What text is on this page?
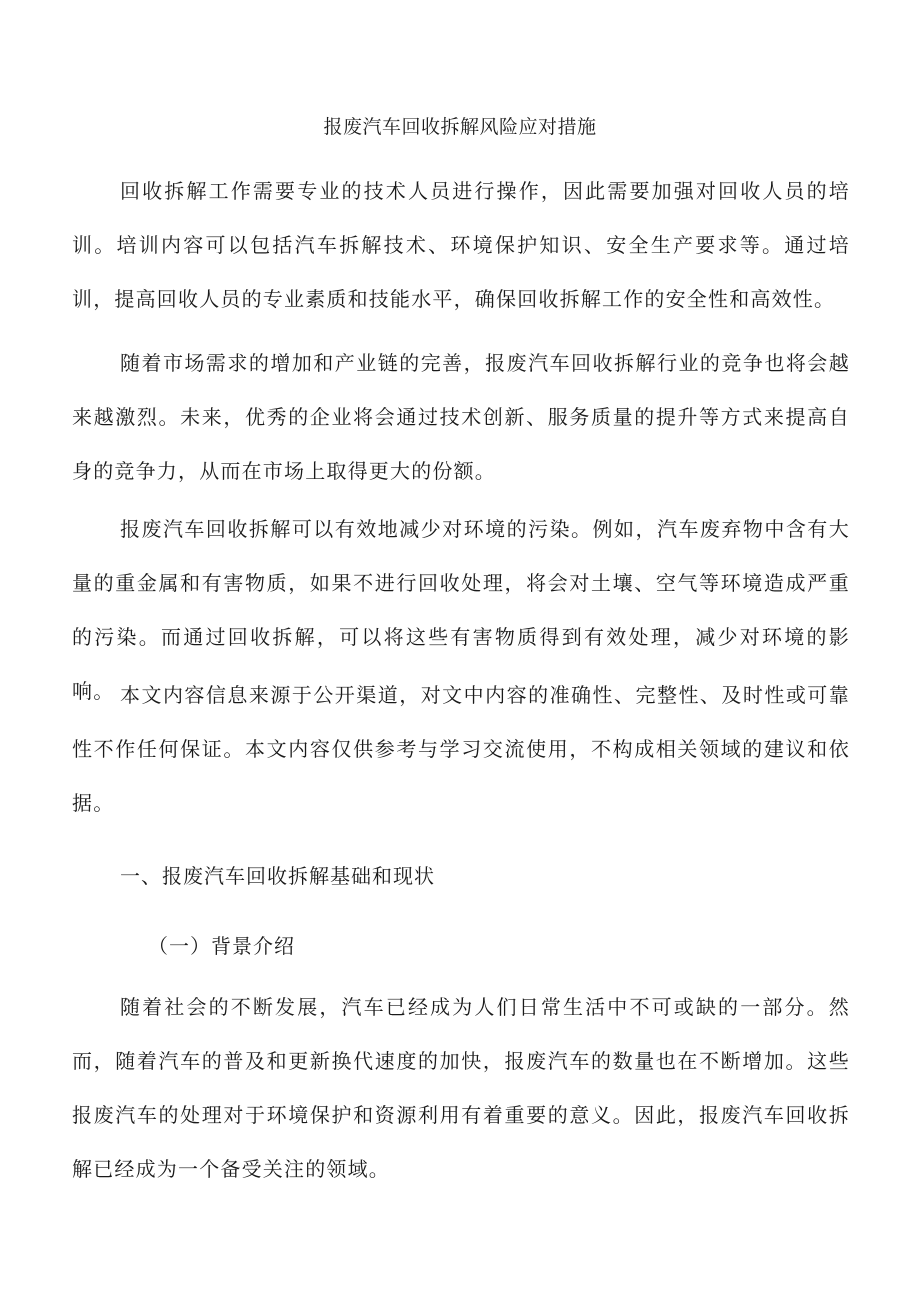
报废汽车回收拆解风险应对措施

回收拆解工作需要专业的技术人员进行操作，因此需要加强对回收人员的培训。培训内容可以包括汽车拆解技术、环境保护知识、安全生产要求等。通过培训，提高回收人员的专业素质和技能水平，确保回收拆解工作的安全性和高效性。

随着市场需求的增加和产业链的完善，报废汽车回收拆解行业的竞争也将会越来越激烈。未来，优秀的企业将会通过技术创新、服务质量的提升等方式来提高自身的竞争力，从而在市场上取得更大的份额。

报废汽车回收拆解可以有效地减少对环境的污染。例如，汽车废弃物中含有大量的重金属和有害物质，如果不进行回收处理，将会对土壤、空气等环境造成严重的污染。而通过回收拆解，可以将这些有害物质得到有效处理，减少对环境的影响。 本文内容信息来源于公开渠道，对文中内容的准确性、完整性、及时性或可靠性不作任何保证。本文内容仅供参考与学习交流使用，不构成相关领域的建议和依据。

一、报废汽车回收拆解基础和现状
（一）背景介绍

随着社会的不断发展，汽车已经成为人们日常生活中不可或缺的一部分。然而，随着汽车的普及和更新换代速度的加快，报废汽车的数量也在不断增加。这些报废汽车的处理对于环境保护和资源利用有着重要的意义。因此，报废汽车回收拆解已经成为一个备受关注的领域。
